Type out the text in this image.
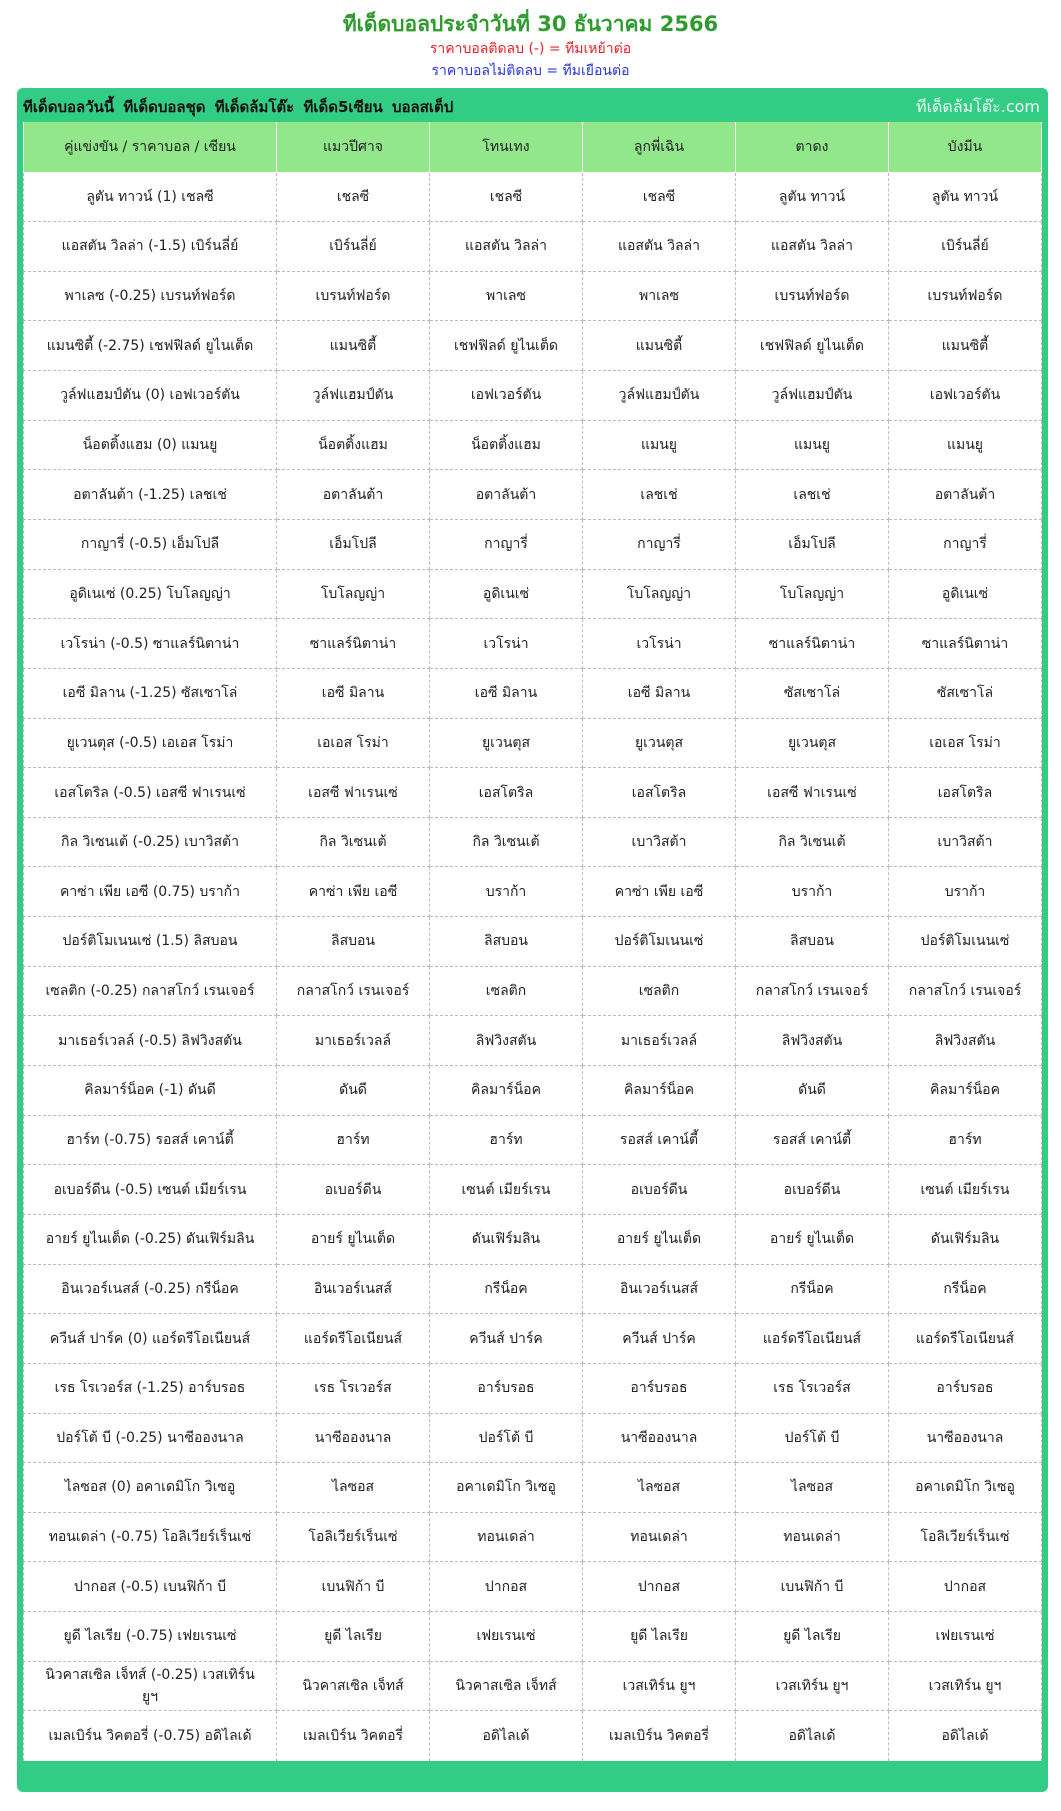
ทีเด็ดบอลประจำวันที่ 30 ธันวาคม 2566
ราคาบอลติดลบ (-) = ทีมเหย้าต่อ
ราคาบอลไม่ติดลบ = ทีมเยือนต่อ
ทีเด็ดบอลวันนี้ ทีเด็ดบอลชุด ทีเด็ดล้มโต๊ะ ทีเด็ด5เซียน บอลสเต็ป	ทีเด็ดล้มโต๊ะ.com
คู่แข่งขัน / ราคาบอล / เซียน	แมวปีศาจ	โทนเทง	ลูกพี่เฉิน	ตาดง	บังมีน
ลูตัน ทาวน์ (1) เชลซี	เชลซี	เชลซี	เชลซี	ลูตัน ทาวน์	ลูตัน ทาวน์
แอสตัน วิลล่า (-1.5) เบิร์นลี่ย์	เบิร์นลี่ย์	แอสตัน วิลล่า	แอสตัน วิลล่า	แอสตัน วิลล่า	เบิร์นลี่ย์
พาเลซ (-0.25) เบรนท์ฟอร์ด	เบรนท์ฟอร์ด	พาเลซ	พาเลซ	เบรนท์ฟอร์ด	เบรนท์ฟอร์ด
แมนซิตี้ (-2.75) เชฟฟิลด์ ยูไนเต็ด	แมนซิตี้	เชฟฟิลด์ ยูไนเต็ด	แมนซิตี้	เชฟฟิลด์ ยูไนเต็ด	แมนซิตี้
วูล์ฟแฮมป์ตัน (0) เอฟเวอร์ตัน	วูล์ฟแฮมป์ตัน	เอฟเวอร์ตัน	วูล์ฟแฮมป์ตัน	วูล์ฟแฮมป์ตัน	เอฟเวอร์ตัน
น็อตติ้งแฮม (0) แมนยู	น็อตติ้งแฮม	น็อตติ้งแฮม	แมนยู	แมนยู	แมนยู
อตาลันต้า (-1.25) เลชเช่	อตาลันต้า	อตาลันต้า	เลชเช่	เลชเช่	อตาลันต้า
กาญารี่ (-0.5) เอ็มโปลี	เอ็มโปลี	กาญารี่	กาญารี่	เอ็มโปลี	กาญารี่
อูดิเนเซ่ (0.25) โบโลญญ่า	โบโลญญ่า	อูดิเนเซ่	โบโลญญ่า	โบโลญญ่า	อูดิเนเซ่
เวโรน่า (-0.5) ซาแลร์นิตาน่า	ซาแลร์นิตาน่า	เวโรน่า	เวโรน่า	ซาแลร์นิตาน่า	ซาแลร์นิตาน่า
เอซี มิลาน (-1.25) ซัสเซาโล่	เอซี มิลาน	เอซี มิลาน	เอซี มิลาน	ซัสเซาโล่	ซัสเซาโล่
ยูเวนตุส (-0.5) เอเอส โรม่า	เอเอส โรม่า	ยูเวนตุส	ยูเวนตุส	ยูเวนตุส	เอเอส โรม่า
เอสโตริล (-0.5) เอสซี ฟาเรนเซ่	เอสซี ฟาเรนเซ่	เอสโตริล	เอสโตริล	เอสซี ฟาเรนเซ่	เอสโตริล
กิล วิเซนเต้ (-0.25) เบาวิสต้า	กิล วิเซนเต้	กิล วิเซนเต้	เบาวิสต้า	กิล วิเซนเต้	เบาวิสต้า
คาซ่า เพีย เอซี (0.75) บราก้า	คาซ่า เพีย เอซี	บราก้า	คาซ่า เพีย เอซี	บราก้า	บราก้า
ปอร์ติโมเนนเซ่ (1.5) ลิสบอน	ลิสบอน	ลิสบอน	ปอร์ติโมเนนเซ่	ลิสบอน	ปอร์ติโมเนนเซ่
เซลติก (-0.25) กลาสโกว์ เรนเจอร์	กลาสโกว์ เรนเจอร์	เซลติก	เซลติก	กลาสโกว์ เรนเจอร์	กลาสโกว์ เรนเจอร์
มาเธอร์เวลล์ (-0.5) ลิฟวิงสตัน	มาเธอร์เวลล์	ลิฟวิงสตัน	มาเธอร์เวลล์	ลิฟวิงสตัน	ลิฟวิงสตัน
คิลมาร์น็อค (-1) ดันดี	ดันดี	คิลมาร์น็อค	คิลมาร์น็อค	ดันดี	คิลมาร์น็อค
ฮาร์ท (-0.75) รอสส์ เคาน์ตี้	ฮาร์ท	ฮาร์ท	รอสส์ เคาน์ตี้	รอสส์ เคาน์ตี้	ฮาร์ท
อเบอร์ดีน (-0.5) เซนต์ เมียร์เรน	อเบอร์ดีน	เซนต์ เมียร์เรน	อเบอร์ดีน	อเบอร์ดีน	เซนต์ เมียร์เรน
อายร์ ยูไนเต็ด (-0.25) ดันเฟิร์มลิน	อายร์ ยูไนเต็ด	ดันเฟิร์มลิน	อายร์ ยูไนเต็ด	อายร์ ยูไนเต็ด	ดันเฟิร์มลิน
อินเวอร์เนสส์ (-0.25) กรีน็อค	อินเวอร์เนสส์	กรีน็อค	อินเวอร์เนสส์	กรีน็อค	กรีน็อค
ควีนส์ ปาร์ค (0) แอร์ดรีโอเนียนส์	แอร์ดรีโอเนียนส์	ควีนส์ ปาร์ค	ควีนส์ ปาร์ค	แอร์ดรีโอเนียนส์	แอร์ดรีโอเนียนส์
เรธ โรเวอร์ส (-1.25) อาร์บรอธ	เรธ โรเวอร์ส	อาร์บรอธ	อาร์บรอธ	เรธ โรเวอร์ส	อาร์บรอธ
ปอร์โต้ บี (-0.25) นาซีอองนาล	นาซีอองนาล	ปอร์โต้ บี	นาซีอองนาล	ปอร์โต้ บี	นาซีอองนาล
ไลซอส (0) อคาเดมิโก วิเซอู	ไลซอส	อคาเดมิโก วิเซอู	ไลซอส	ไลซอส	อคาเดมิโก วิเซอู
ทอนเดล่า (-0.75) โอลิเวียร์เร็นเซ่	โอลิเวียร์เร็นเซ่	ทอนเดล่า	ทอนเดล่า	ทอนเดล่า	โอลิเวียร์เร็นเซ่
ปากอส (-0.5) เบนฟิก้า บี	เบนฟิก้า บี	ปากอส	ปากอส	เบนฟิก้า บี	ปากอส
ยูดี ไลเรีย (-0.75) เฟยเรนเซ่	ยูดี ไลเรีย	เฟยเรนเซ่	ยูดี ไลเรีย	ยูดี ไลเรีย	เฟยเรนเซ่
นิวคาสเซิล เจ็ทส์ (-0.25) เวสเทิร์น ยูฯ	นิวคาสเซิล เจ็ทส์	นิวคาสเซิล เจ็ทส์	เวสเทิร์น ยูฯ	เวสเทิร์น ยูฯ	เวสเทิร์น ยูฯ
เมลเบิร์น วิคตอรี่ (-0.75) อดิไลเด้	เมลเบิร์น วิคตอรี่	อดิไลเด้	เมลเบิร์น วิคตอรี่	อดิไลเด้	อดิไลเด้
